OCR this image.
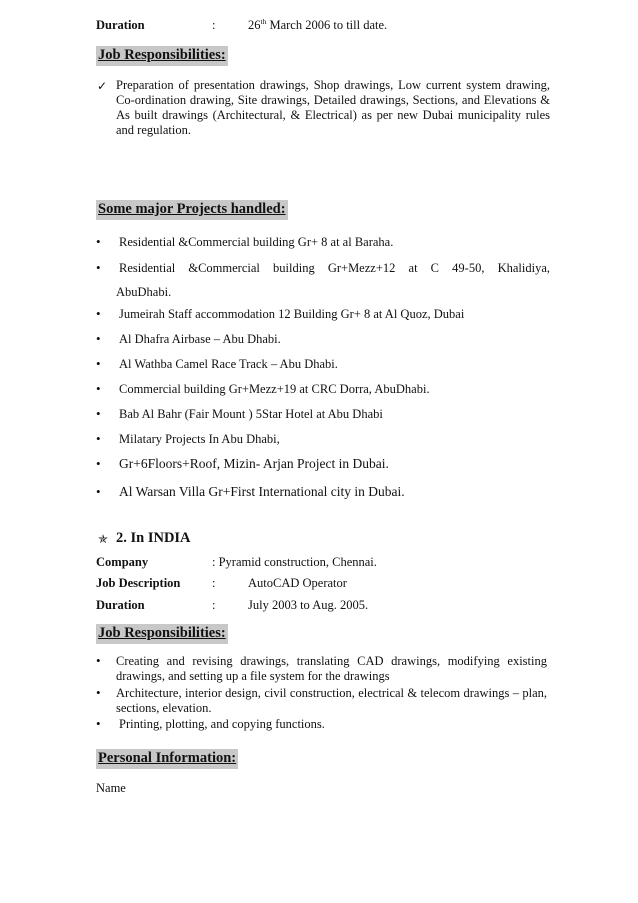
Duration	:	26th March 2006 to till date.
Job Responsibilities:
✓ Preparation of presentation drawings, Shop drawings, Low current system drawing, Co-ordination drawing, Site drawings, Detailed drawings, Sections, and Elevations & As built drawings (Architectural, & Electrical) as per new Dubai municipality rules and regulation.
Some major Projects handled:
• Residential &Commercial building Gr+ 8 at al Baraha.
• Residential &Commercial building Gr+Mezz+12 at C 49-50, Khalidiya,
AbuDhabi.
• Jumeirah Staff accommodation 12 Building Gr+ 8 at Al Quoz, Dubai
• Al Dhafra Airbase – Abu Dhabi.
• Al Wathba Camel Race Track – Abu Dhabi.
• Commercial building Gr+Mezz+19 at CRC Dorra, AbuDhabi.
• Bab Al Bahr (Fair Mount ) 5Star Hotel at Abu Dhabi
• Milatary Projects In Abu Dhabi,
• Gr+6Floors+Roof, Mizin- Arjan Project in Dubai.
• Al Warsan Villa Gr+First International city in Dubai.
✯ 2. In INDIA
Company	: Pyramid construction, Chennai.
Job Description	:	AutoCAD Operator
Duration	:	July 2003 to Aug. 2005.
Job Responsibilities:
• Creating and revising drawings, translating CAD drawings, modifying existing drawings, and setting up a file system for the drawings
• Architecture, interior design, civil construction, electrical & telecom drawings – plan, sections, elevation.
• Printing, plotting, and copying functions.
Personal Information:
Name
